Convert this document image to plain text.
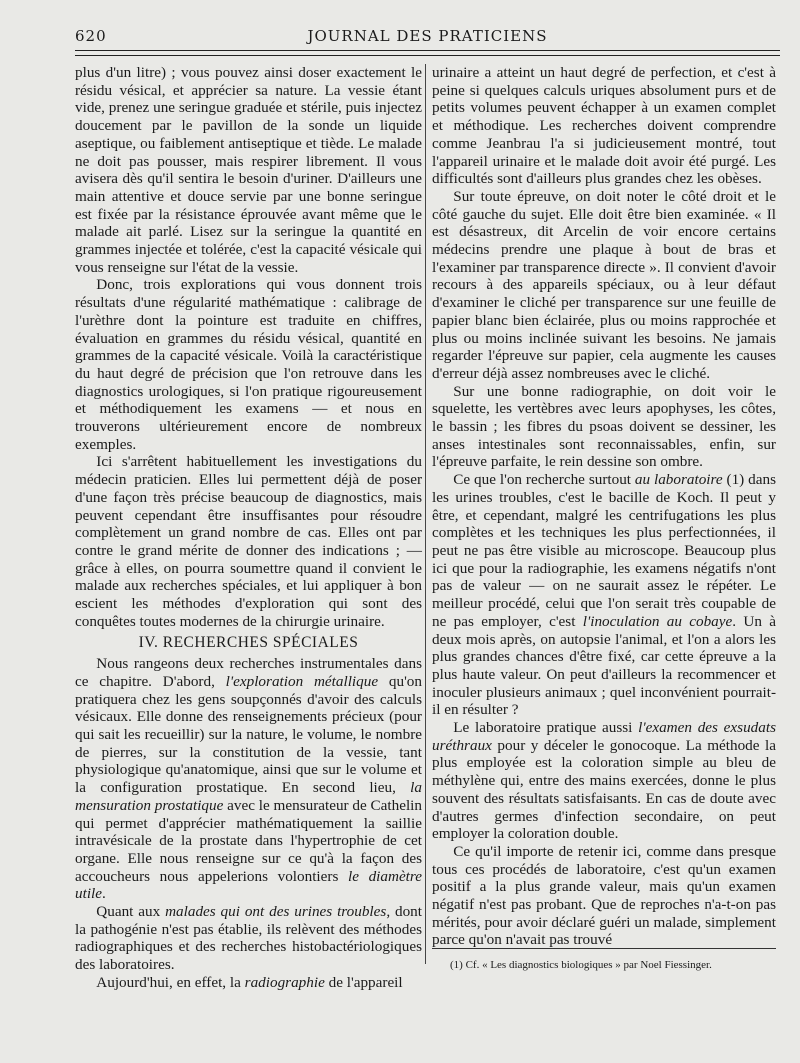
620	JOURNAL DES PRATICIENS

plus d'un litre) ; vous pouvez ainsi doser exactement le résidu vésical, et apprécier sa nature. La vessie étant vide, prenez une seringue graduée et stérile, puis injectez doucement par le pavillon de la sonde un liquide aseptique, ou faiblement antiseptique et tiède. Le malade ne doit pas pousser, mais respirer librement. Il vous avisera dès qu'il sentira le besoin d'uriner. D'ailleurs une main attentive et douce servie par une bonne seringue est fixée par la résistance éprouvée avant même que le malade ait parlé. Lisez sur la seringue la quantité en grammes injectée et tolérée, c'est la capacité vésicale qui vous renseigne sur l'état de la vessie.

Donc, trois explorations qui vous donnent trois résultats d'une régularité mathématique : calibrage de l'urèthre dont la pointure est traduite en chiffres, évaluation en grammes du résidu vésical, quantité en grammes de la capacité vésicale. Voilà la caractéristique du haut degré de précision que l'on retrouve dans les diagnostics urologiques, si l'on pratique rigoureusement et méthodiquement les examens — et nous en trouverons ultérieurement encore de nombreux exemples.

Ici s'arrêtent habituellement les investigations du médecin praticien. Elles lui permettent déjà de poser d'une façon très précise beaucoup de diagnostics, mais peuvent cependant être insuffisantes pour résoudre complètement un grand nombre de cas. Elles ont par contre le grand mérite de donner des indications ; — grâce à elles, on pourra soumettre quand il convient le malade aux recherches spéciales, et lui appliquer à bon escient les méthodes d'exploration qui sont des conquêtes toutes modernes de la chirurgie urinaire.

IV. RECHERCHES SPÉCIALES

Nous rangeons deux recherches instrumentales dans ce chapitre. D'abord, l'exploration métallique qu'on pratiquera chez les gens soupçonnés d'avoir des calculs vésicaux. Elle donne des renseignements précieux (pour qui sait les recueillir) sur la nature, le volume, le nombre de pierres, sur la constitution de la vessie, tant physiologique qu'anatomique, ainsi que sur le volume et la configuration prostatique. En second lieu, la mensuration prostatique avec le mensurateur de Cathelin qui permet d'apprécier mathématiquement la saillie intravésicale de la prostate dans l'hypertrophie de cet organe. Elle nous renseigne sur ce qu'à la façon des accoucheurs nous appelerions volontiers le diamètre utile.

Quant aux malades qui ont des urines troubles, dont la pathogénie n'est pas établie, ils relèvent des méthodes radiographiques et des recherches histobactériologiques des laboratoires.

Aujourd'hui, en effet, la radiographie de l'appareil

urinaire a atteint un haut degré de perfection, et c'est à peine si quelques calculs uriques absolument purs et de petits volumes peuvent échapper à un examen complet et méthodique. Les recherches doivent comprendre comme Jeanbrau l'a si judicieusement montré, tout l'appareil urinaire et le malade doit avoir été purgé. Les difficultés sont d'ailleurs plus grandes chez les obèses.

Sur toute épreuve, on doit noter le côté droit et le côté gauche du sujet. Elle doit être bien examinée. « Il est désastreux, dit Arcelin de voir encore certains médecins prendre une plaque à bout de bras et l'examiner par transparence directe ». Il convient d'avoir recours à des appareils spéciaux, ou à leur défaut d'examiner le cliché per transparence sur une feuille de papier blanc bien éclairée, plus ou moins rapprochée et plus ou moins inclinée suivant les besoins. Ne jamais regarder l'épreuve sur papier, cela augmente les causes d'erreur déjà assez nombreuses avec le cliché.

Sur une bonne radiographie, on doit voir le squelette, les vertèbres avec leurs apophyses, les côtes, le bassin ; les fibres du psoas doivent se dessiner, les anses intestinales sont reconnaissables, enfin, sur l'épreuve parfaite, le rein dessine son ombre.

Ce que l'on recherche surtout au laboratoire (1) dans les urines troubles, c'est le bacille de Koch. Il peut y être, et cependant, malgré les centrifugations les plus complètes et les techniques les plus perfectionnées, il peut ne pas être visible au microscope. Beaucoup plus ici que pour la radiographie, les examens négatifs n'ont pas de valeur — on ne saurait assez le répéter. Le meilleur procédé, celui que l'on serait très coupable de ne pas employer, c'est l'inoculation au cobaye. Un à deux mois après, on autopsie l'animal, et l'on a alors les plus grandes chances d'être fixé, car cette épreuve a la plus haute valeur. On peut d'ailleurs la recommencer et inoculer plusieurs animaux ; quel inconvénient pourrait-il en résulter ?

Le laboratoire pratique aussi l'examen des exsudats uréthraux pour y déceler le gonocoque. La méthode la plus employée est la coloration simple au bleu de méthylène qui, entre des mains exercées, donne le plus souvent des résultats satisfaisants. En cas de doute avec d'autres germes d'infection secondaire, on peut employer la coloration double.

Ce qu'il importe de retenir ici, comme dans presque tous ces procédés de laboratoire, c'est qu'un examen positif a la plus grande valeur, mais qu'un examen négatif n'est pas probant. Que de reproches n'a-t-on pas mérités, pour avoir déclaré guéri un malade, simplement parce qu'on n'avait pas trouvé

(1) Cf. « Les diagnostics biologiques » par Noel Fiessinger.
